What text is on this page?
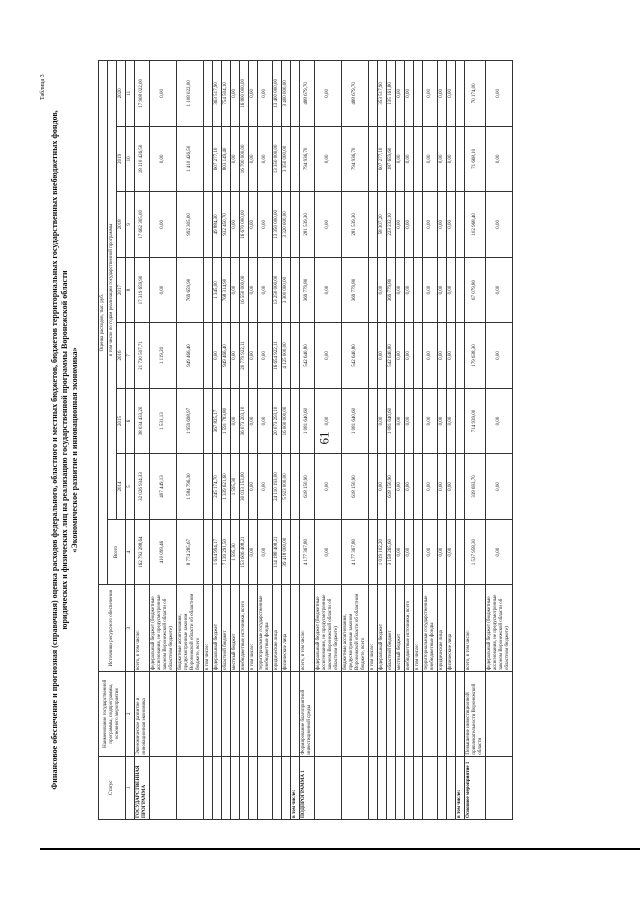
Таблица 3
Финансовое обеспечение и прогнозная (справочная) оценка расходов федерального, областного и местных бюджетов, бюджетов территориальных государственных внебюджетных фондов, юридических и физических лиц на реализацию государственной программы Воронежской области «Экономическое развитие и инновационная экономика»
Статус	Наименование государственной программы, подпрограммы, основного мероприятия	Источники ресурсного обеспечения	Оценка расходов, тыс. руб.							
			Всего	в том числе по годам реализации государственной программы						
				2014	2015	2016	2017	2018	2019	2020
1	2	3	4	5	6	7	8	9	10	11
ГОСУДАРСТВЕННАЯ ПРОГРАММА	Экономическое развитие и инновационная экономика	всего, в том числе:	162 792 288,64	32 026 934,33	38 034 433,20	21 730 507,71	17 319 659,90	17 662 305,00	18 110 426,50	17 908 022,00
		федеральный бюджет (бюджетные ассигнования, не предусмотренные законом Воронежской области об областном бюджете)	410 099,46	407 449,13	1 531,13	1 119,20	0,00	0,00	0,00	0,00
		бюджетные ассигнования, предусмотренные законом Воронежской области об областном бюджете, всего	8 774 285,67	1 584 796,30	1 959 698,97	949 466,40	769 659,90	992 305,00	1 410 426,50	1 108 022,00
		в том числе:								
		федеральный бюджет	1 634 994,17	245 174,70	367 825,17	0,00	1 345,00	49 884,30	607 277,10	363 517,90
		областной бюджет	7 139 291,50	1 339 621,60	1 591 783,80	949 466,40	768 314,90	932 450,70	803 149,40	754 504,10
		местный бюджет	1 595,30	1 595,30	0,00	0,00	0,00	0,00	0,00	0,00
		внебюджетные источники, всего	153 606 408,21	30 033 153,00	36 073 203,10	20 779 922,11	16 550 000,00	16 670 000,00	16 700 000,00	16 800 000,00
		в том числе:	0,00	0,00	0,00	0,00	0,00	0,00	0,00	0,00
		территориальные государственные внебюджетные фонды	0,00	0,00	0,00	0,00	0,00	0,00	0,00	0,00
		юридические лица	114 188 408,21	24 110 193,00	20 073 293,10	16 654 922,11	13 250 000,00	13 350 000,00	13 350 000,00	13 400 000,00
		физические лица	39 418 000,00	5 923 000,00	16 000 000,00	4 125 000,00	3 300 000,00	3 320 000,00	3 350 000,00	3 400 000,00
в том числе:										
ПОДПРОГРАММА 1	Формирование благоприятной инвестиционной среды	всего, в том числе:	4 177 367,80	618 150,90	1 081 640,60	542 640,80	369 779,80	281 539,30	794 936,70	488 679,70
		федеральный бюджет (бюджетные ассигнования, не предусмотренные законом Воронежской области об областном бюджете)	0,00	0,00	0,00	0,00	0,00	0,00	0,00	0,00
		бюджетные ассигнования, предусмотренные законом Воронежской области об областном бюджете, всего	4 177 367,80	618 150,90	1 081 640,60	542 640,80	369 779,80	281 539,30	794 936,70	488 679,70
		в том числе:								
		федеральный бюджет	1 019 102,20	0,00	0,00	0,00	0,00	58 307,20	607 277,10	353 517,90
		областной бюджет	3 158 265,60	618 150,90	1 081 640,60	542 640,80	369 779,80	223 232,10	187 659,60	135 161,80
		местный бюджет	0,00	0,00	0,00	0,00	0,00	0,00	0,00	0,00
		внебюджетные источники, всего	0,00	0,00	0,00	0,00	0,00	0,00	0,00	0,00
		в том числе:								
		территориальные государственные внебюджетные фонды	0,00	0,00	0,00	0,00	0,00	0,00	0,00	0,00
		юридические лица	0,00	0,00	0,00	0,00	0,00	0,00	0,00	0,00
		физические лица	0,00	0,00	0,00	0,00	0,00	0,00	0,00	0,00
в том числе:										
Основное мероприятие 1	Повышение инвестиционной привлекательности Воронежской области	всего, в том числе:	1 537 958,30	339 693,70	714 939,00	179 638,30	67 079,80	102 968,40	71 668,10	70 174,00
		федеральный бюджет (бюджетные ассигнования, не предусмотренные законом Воронежской области об областном бюджете)	0,00	0,00	0,00	0,00	0,00	0,00	0,00	0,00
61
